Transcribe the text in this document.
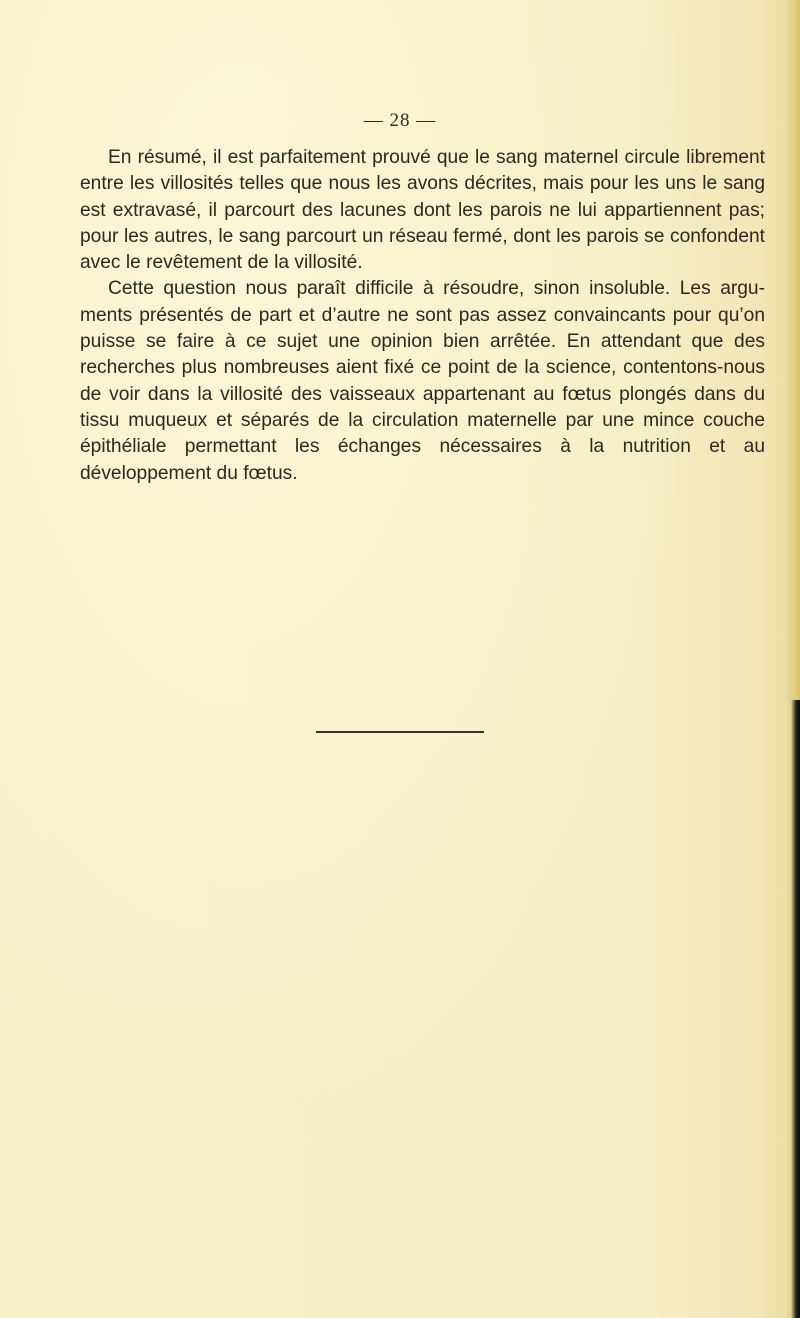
— 28 —

En résumé, il est parfaitement prouvé que le sang maternel circule librement entre les villosités telles que nous les avons décrites, mais pour les uns le sang est extravasé, il parcourt des lacunes dont les parois ne lui appartiennent pas; pour les autres, le sang parcourt un réseau fermé, dont les parois se confondent avec le revêtement de la villosité.

Cette question nous paraît difficile à résoudre, sinon insoluble. Les arguments présentés de part et d’autre ne sont pas assez convaincants pour qu’on puisse se faire à ce sujet une opinion bien arrêtée. En attendant que des recherches plus nombreuses aient fixé ce point de la science, contentons-nous de voir dans la villosité des vaisseaux appartenant au fœtus plongés dans du tissu muqueux et séparés de la circulation maternelle par une mince couche épithéliale permettant les échanges nécessaires à la nutrition et au développement du fœtus.
